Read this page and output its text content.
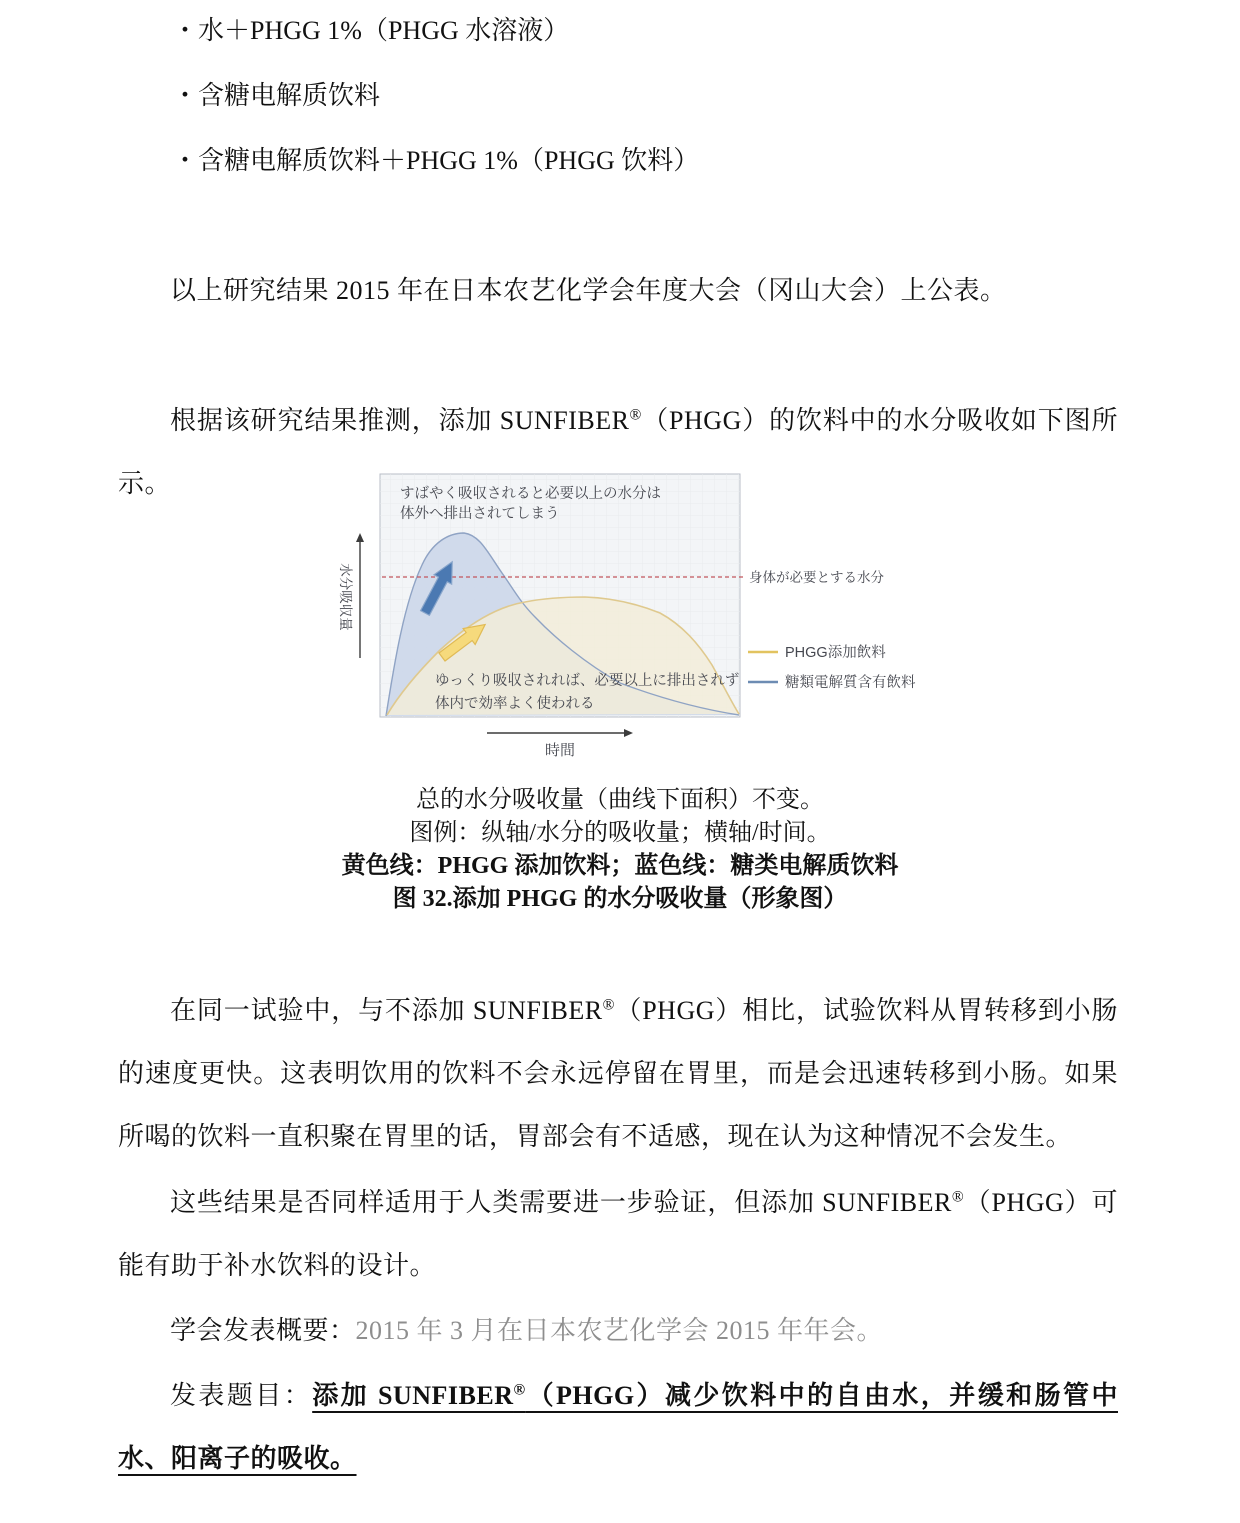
・水＋PHGG 1%（PHGG 水溶液）
・含糖电解质饮料
・含糖电解质饮料＋PHGG 1%（PHGG 饮料）
以上研究结果 2015 年在日本农艺化学会年度大会（冈山大会）上公表。
根据该研究结果推测，添加 SUNFIBER®（PHGG）的饮料中的水分吸收如下图所示。	すばやく吸収されると必要以上の水分は
体外へ排出されてしまう
ゆっくり吸収されれば、必要以上に排出されず
体内で効率よく使われる
身体が必要とする水分
水分吸収量
時間
PHGG添加飲料
糖類電解質含有飲料
总的水分吸收量（曲线下面积）不变。
图例：纵轴/水分的吸收量；横轴/时间。
黄色线：PHGG 添加饮料；蓝色线：糖类电解质饮料
图 32.添加 PHGG 的水分吸收量（形象图）
在同一试验中，与不添加 SUNFIBER®（PHGG）相比，试验饮料从胃转移到小肠的速度更快。这表明饮用的饮料不会永远停留在胃里，而是会迅速转移到小肠。如果所喝的饮料一直积聚在胃里的话，胃部会有不适感，现在认为这种情况不会发生。
这些结果是否同样适用于人类需要进一步验证，但添加 SUNFIBER®（PHGG）可能有助于补水饮料的设计。
学会发表概要：2015 年 3 月在日本农艺化学会 2015 年年会。
发表题目：添加 SUNFIBER®（PHGG）减少饮料中的自由水，并缓和肠管中水、阳离子的吸收。
